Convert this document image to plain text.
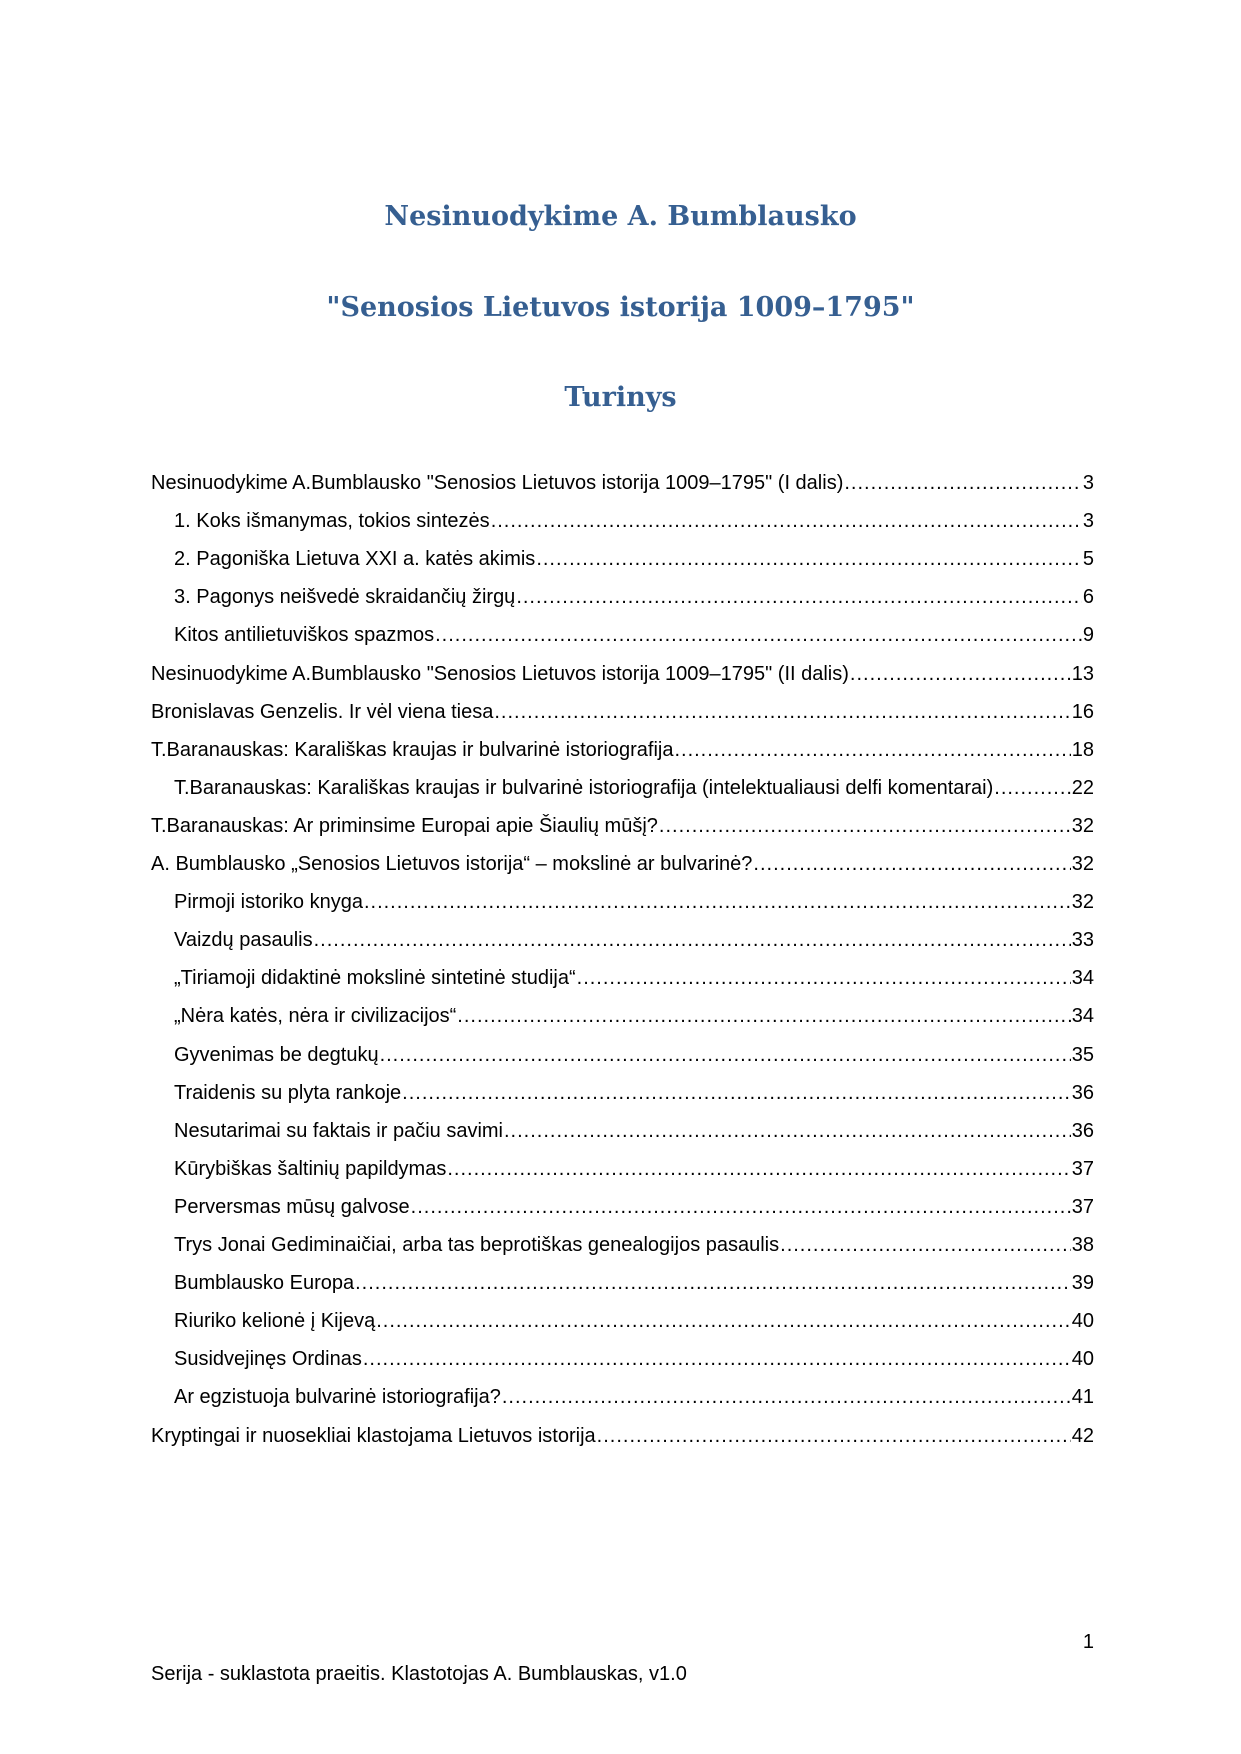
Nesinuodykime A. Bumblausko
"Senosios Lietuvos istorija 1009–1795"
Turinys
Nesinuodykime A.Bumblausko "Senosios Lietuvos istorija 1009–1795" (I dalis) .....	3
1. Koks išmanymas, tokios sintezės .....	3
2. Pagoniška Lietuva XXI a. katės akimis .....	5
3. Pagonys neišvedė skraidančių žirgų .....	6
Kitos antilietuviškos spazmos .....	9
Nesinuodykime A.Bumblausko "Senosios Lietuvos istorija 1009–1795" (II dalis) .....	13
Bronislavas Genzelis. Ir vėl viena tiesa .....	16
T.Baranauskas: Karališkas kraujas ir bulvarinė istoriografija .....	18
T.Baranauskas: Karališkas kraujas ir bulvarinė istoriografija (intelektualiausi delfi komentarai) .....	22
T.Baranauskas: Ar priminsime Europai apie Šiaulių mūšį? .....	32
A. Bumblausko „Senosios Lietuvos istorija“ – mokslinė ar bulvarinė? .....	32
Pirmoji istoriko knyga .....	32
Vaizdų pasaulis .....	33
„Tiriamoji didaktinė mokslinė sintetinė studija“ .....	34
„Nėra katės, nėra ir civilizacijos“ .....	34
Gyvenimas be degtukų .....	35
Traidenis su plyta rankoje .....	36
Nesutarimai su faktais ir pačiu savimi .....	36
Kūrybiškas šaltinių papildymas .....	37
Perversmas mūsų galvose .....	37
Trys Jonai Gediminaičiai, arba tas beprotiškas genealogijos pasaulis .....	38
Bumblausko Europa .....	39
Riuriko kelionė į Kijevą .....	40
Susidvejinęs Ordinas .....	40
Ar egzistuoja bulvarinė istoriografija? .....	41
Kryptingai ir nuosekliai klastojama Lietuvos istorija .....	42
1
Serija - suklastota praeitis. Klastotojas A. Bumblauskas, v1.0
